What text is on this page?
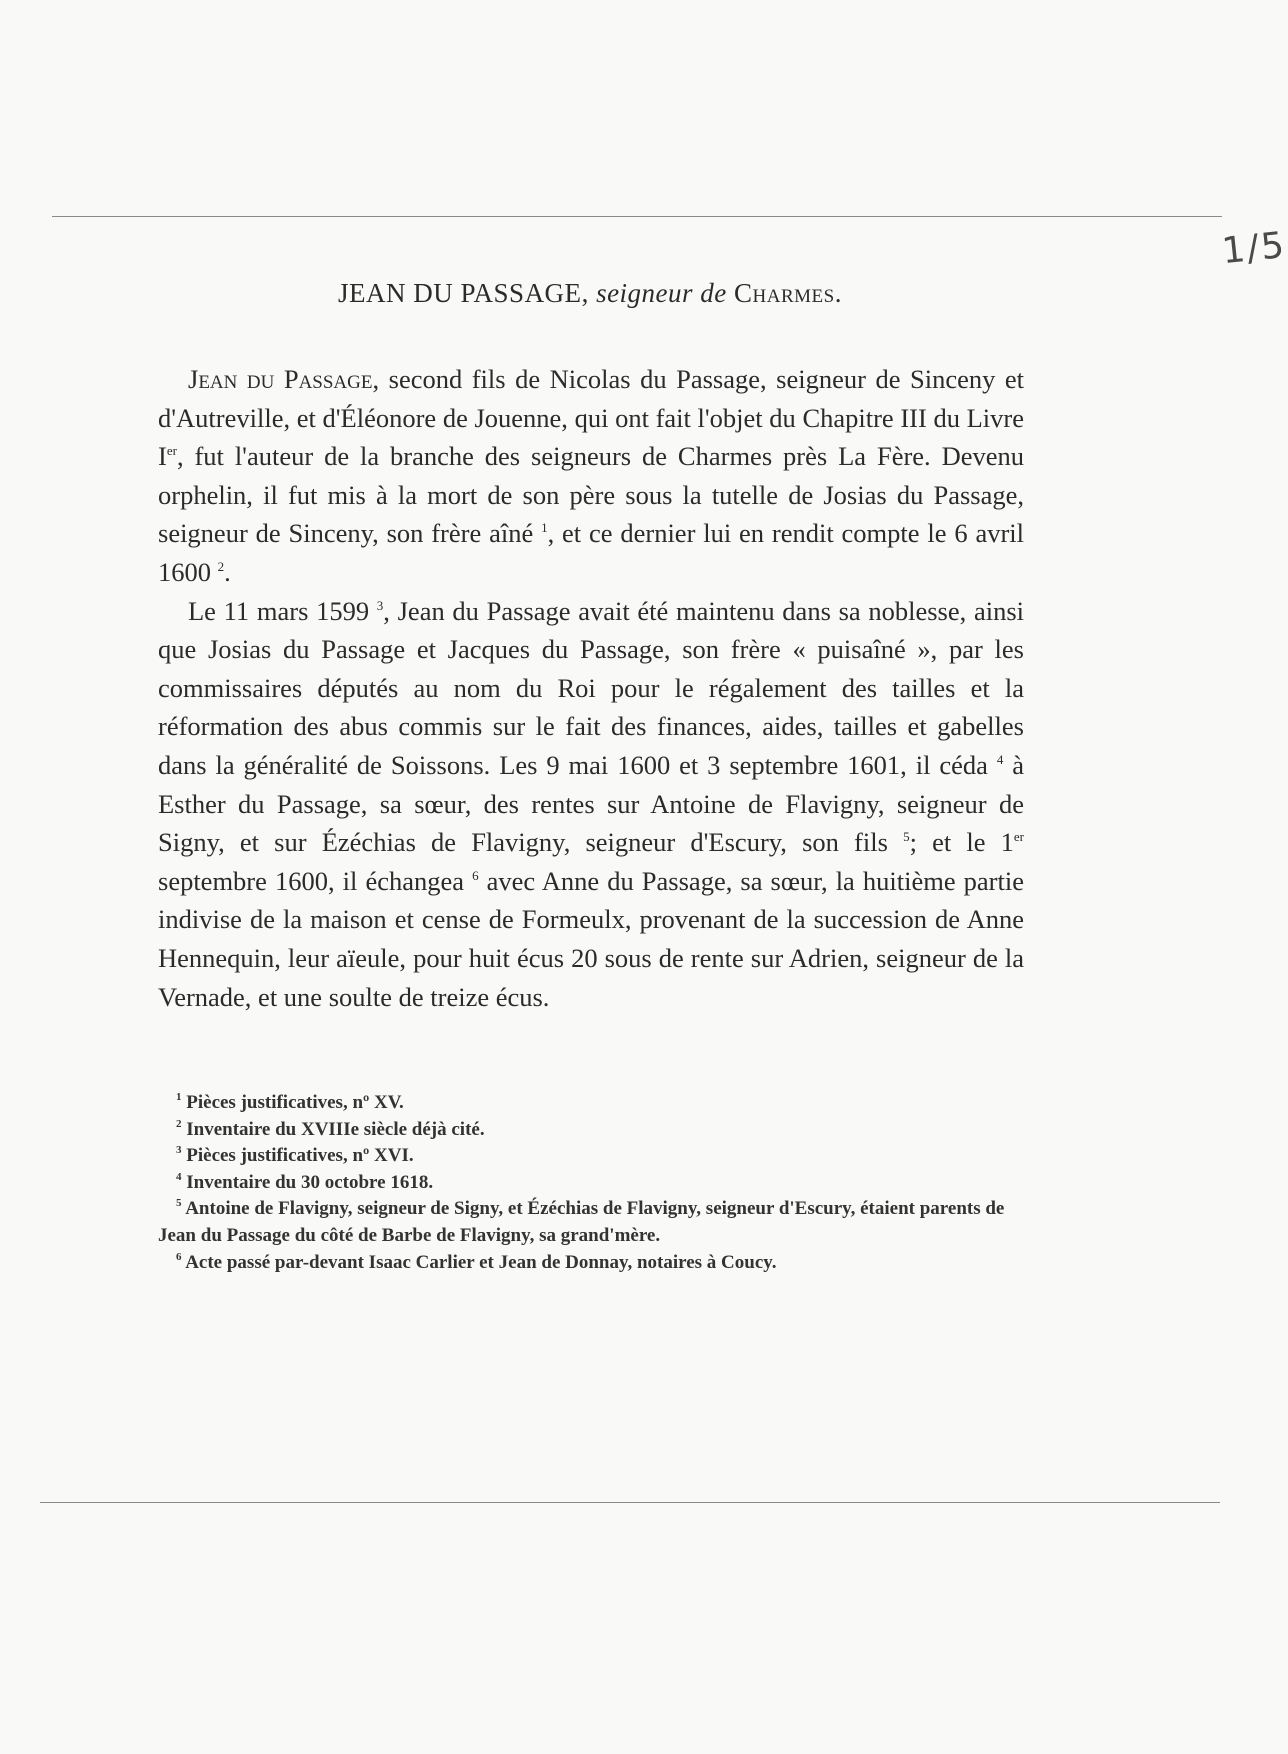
1/5
JEAN DU PASSAGE, seigneur de Charmes.

Jean du Passage, second fils de Nicolas du Passage, seigneur de Sinceny et d'Autreville, et d'Éléonore de Jouenne, qui ont fait l'objet du Chapitre III du Livre Ier, fut l'auteur de la branche des seigneurs de Charmes près La Fère. Devenu orphelin, il fut mis à la mort de son père sous la tutelle de Josias du Passage, seigneur de Sinceny, son frère aîné $^1$, et ce dernier lui en rendit compte le 6 avril 1600 $^2$.

Le 11 mars 1599 $^3$, Jean du Passage avait été maintenu dans sa noblesse, ainsi que Josias du Passage et Jacques du Passage, son frère « puisaîné », par les commissaires députés au nom du Roi pour le régalement des tailles et la réformation des abus commis sur le fait des finances, aides, tailles et gabelles dans la généralité de Soissons. Les 9 mai 1600 et 3 septembre 1601, il céda $^4$ à Esther du Passage, sa sœur, des rentes sur Antoine de Flavigny, seigneur de Signy, et sur Ézéchias de Flavigny, seigneur d'Escury, son fils $^5$; et le 1er septembre 1600, il échangea $^6$ avec Anne du Passage, sa sœur, la huitième partie indivise de la maison et cense de Formeulx, provenant de la succession de Anne Hennequin, leur aïeule, pour huit écus 20 sous de rente sur Adrien, seigneur de la Vernade, et une soulte de treize écus.

$^1$ Pièces justificatives, nº XV.

$^2$ Inventaire du XVIIIe siècle déjà cité.

$^3$ Pièces justificatives, nº XVI.

$^4$ Inventaire du 30 octobre 1618.

$^5$ Antoine de Flavigny, seigneur de Signy, et Ézéchias de Flavigny, seigneur d'Escury, étaient parents de Jean du Passage du côté de Barbe de Flavigny, sa grand'mère.

$^6$ Acte passé par-devant Isaac Carlier et Jean de Donnay, notaires à Coucy.
